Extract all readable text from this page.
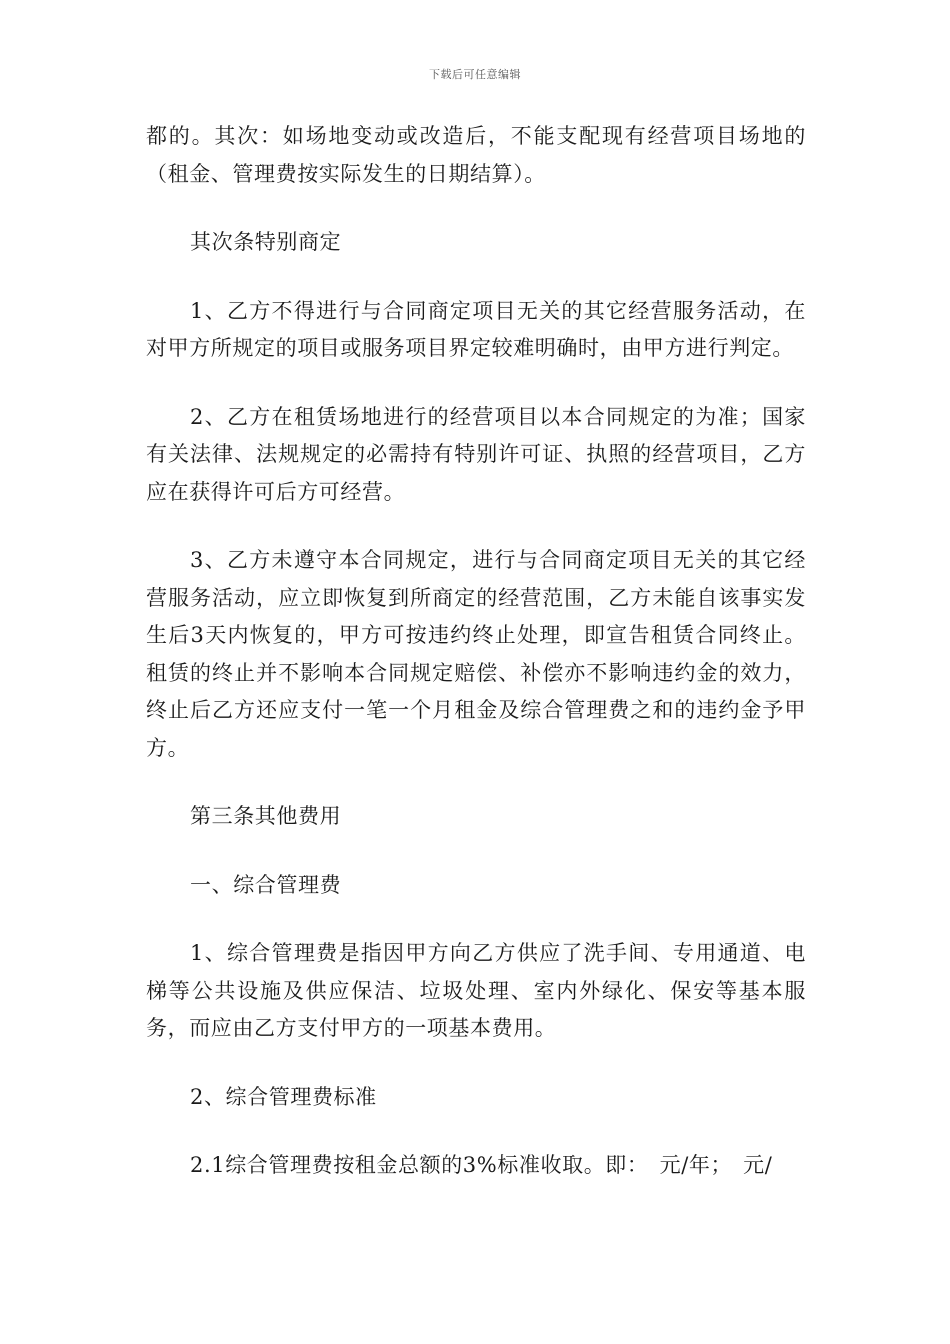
下载后可任意编辑

都的。其次：如场地变动或改造后，不能支配现有经营项目场地的（租金、管理费按实际发生的日期结算）。

其次条特别商定

1、乙方不得进行与合同商定项目无关的其它经营服务活动，在对甲方所规定的项目或服务项目界定较难明确时，由甲方进行判定。

2、乙方在租赁场地进行的经营项目以本合同规定的为准；国家有关法律、法规规定的必需持有特别许可证、执照的经营项目，乙方应在获得许可后方可经营。

3、乙方未遵守本合同规定，进行与合同商定项目无关的其它经营服务活动，应立即恢复到所商定的经营范围，乙方未能自该事实发生后3天内恢复的，甲方可按违约终止处理，即宣告租赁合同终止。租赁的终止并不影响本合同规定赔偿、补偿亦不影响违约金的效力，终止后乙方还应支付一笔一个月租金及综合管理费之和的违约金予甲方。

第三条其他费用

一、综合管理费

1、综合管理费是指因甲方向乙方供应了洗手间、专用通道、电梯等公共设施及供应保洁、垃圾处理、室内外绿化、保安等基本服务，而应由乙方支付甲方的一项基本费用。

2、综合管理费标准

2.1综合管理费按租金总额的3%标准收取。即：　元/年；　元/
